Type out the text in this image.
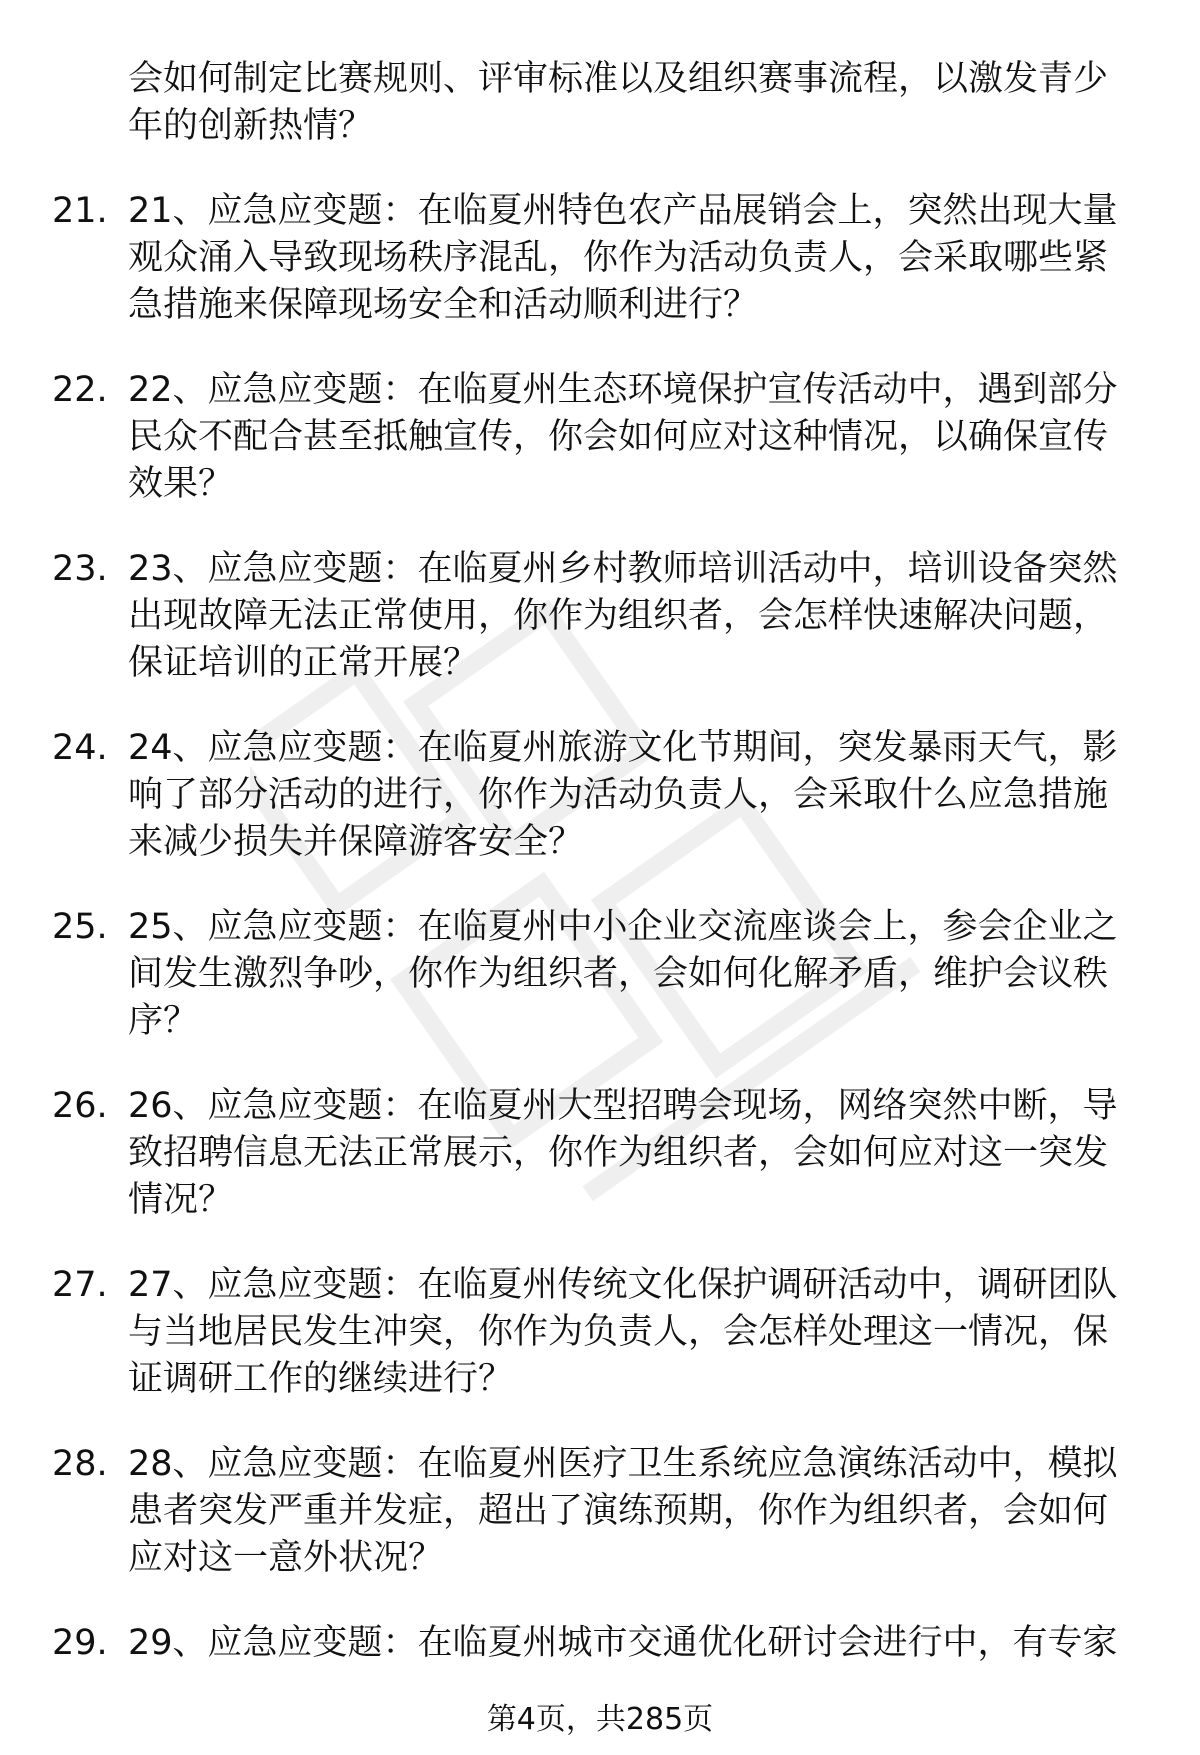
会如何制定比赛规则、评审标准以及组织赛事流程，以激发青少年的创新热情？
21. 21、应急应变题：在临夏州特色农产品展销会上，突然出现大量观众涌入导致现场秩序混乱，你作为活动负责人，会采取哪些紧急措施来保障现场安全和活动顺利进行？
22. 22、应急应变题：在临夏州生态环境保护宣传活动中，遇到部分民众不配合甚至抵触宣传，你会如何应对这种情况，以确保宣传效果？
23. 23、应急应变题：在临夏州乡村教师培训活动中，培训设备突然出现故障无法正常使用，你作为组织者，会怎样快速解决问题，保证培训的正常开展？
24. 24、应急应变题：在临夏州旅游文化节期间，突发暴雨天气，影响了部分活动的进行，你作为活动负责人，会采取什么应急措施来减少损失并保障游客安全？
25. 25、应急应变题：在临夏州中小企业交流座谈会上，参会企业之间发生激烈争吵，你作为组织者，会如何化解矛盾，维护会议秩序？
26. 26、应急应变题：在临夏州大型招聘会现场，网络突然中断，导致招聘信息无法正常展示，你作为组织者，会如何应对这一突发情况？
27. 27、应急应变题：在临夏州传统文化保护调研活动中，调研团队与当地居民发生冲突，你作为负责人，会怎样处理这一情况，保证调研工作的继续进行？
28. 28、应急应变题：在临夏州医疗卫生系统应急演练活动中，模拟患者突发严重并发症，超出了演练预期，你作为组织者，会如何应对这一意外状况？
29. 29、应急应变题：在临夏州城市交通优化研讨会进行中，有专家
第4页，共285页
